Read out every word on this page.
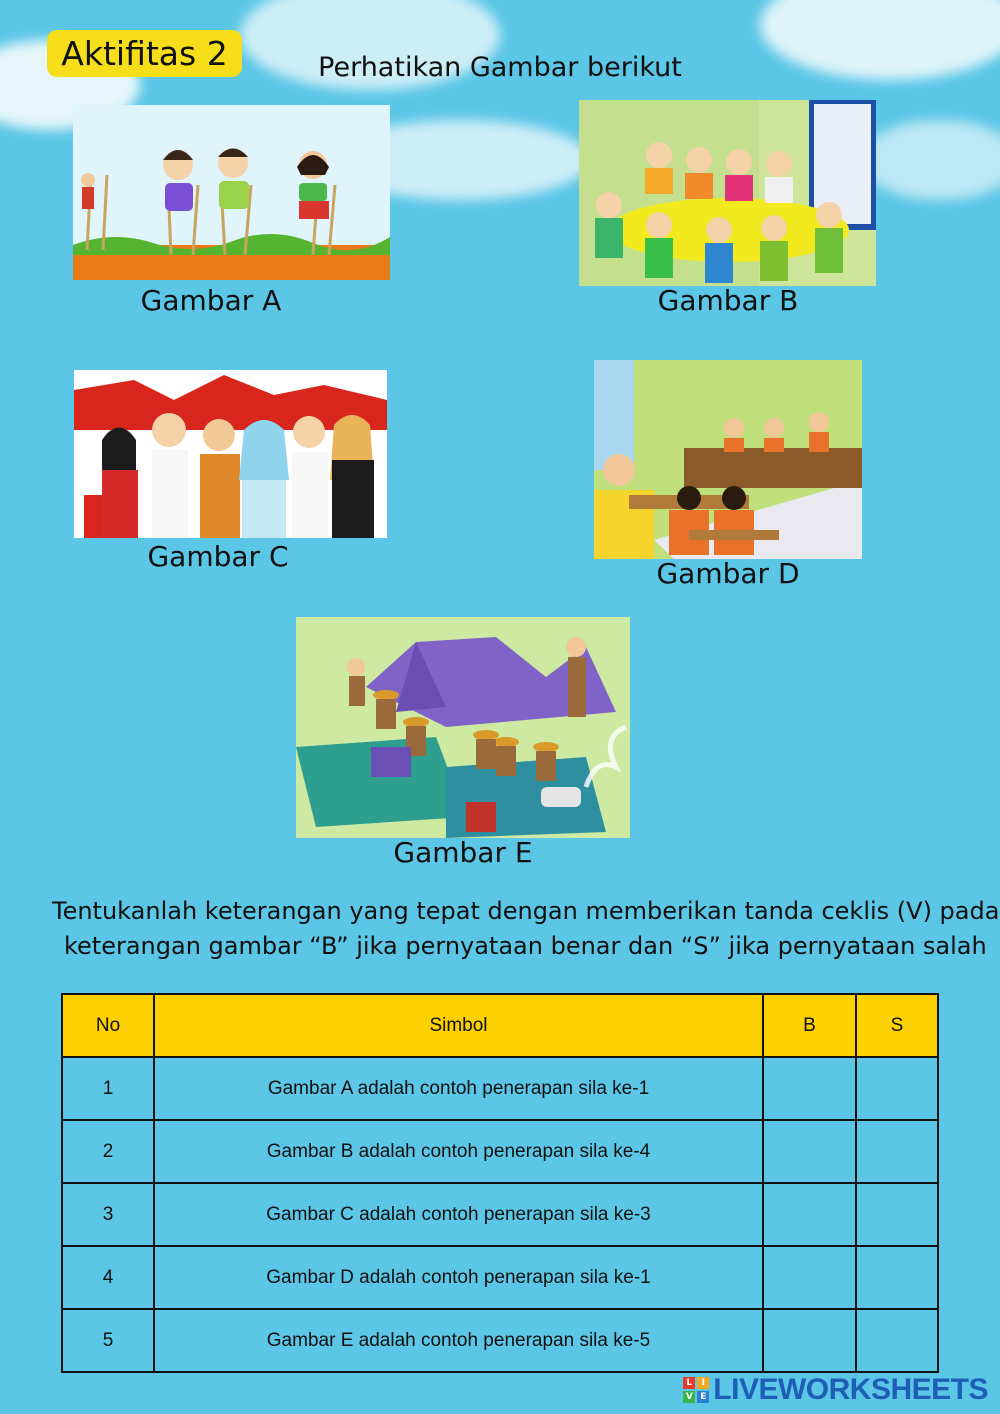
Aktifitas 2	Perhatikan Gambar berikut
Gambar A	Gambar B
Gambar C
Gambar D
Gambar E
Tentukanlah keterangan yang tepat dengan memberikan tanda ceklis (V) pada
keterangan gambar “B” jika pernyataan benar dan “S” jika pernyataan salah
No	Simbol	B	S
1	Gambar A adalah contoh penerapan sila ke-1		
2	Gambar B adalah contoh penerapan sila ke-4		
3	Gambar C adalah contoh penerapan sila ke-3		
4	Gambar D adalah contoh penerapan sila ke-1		
5	Gambar E adalah contoh penerapan sila ke-5		
L	I
V E LIVEWORKSHEETS
